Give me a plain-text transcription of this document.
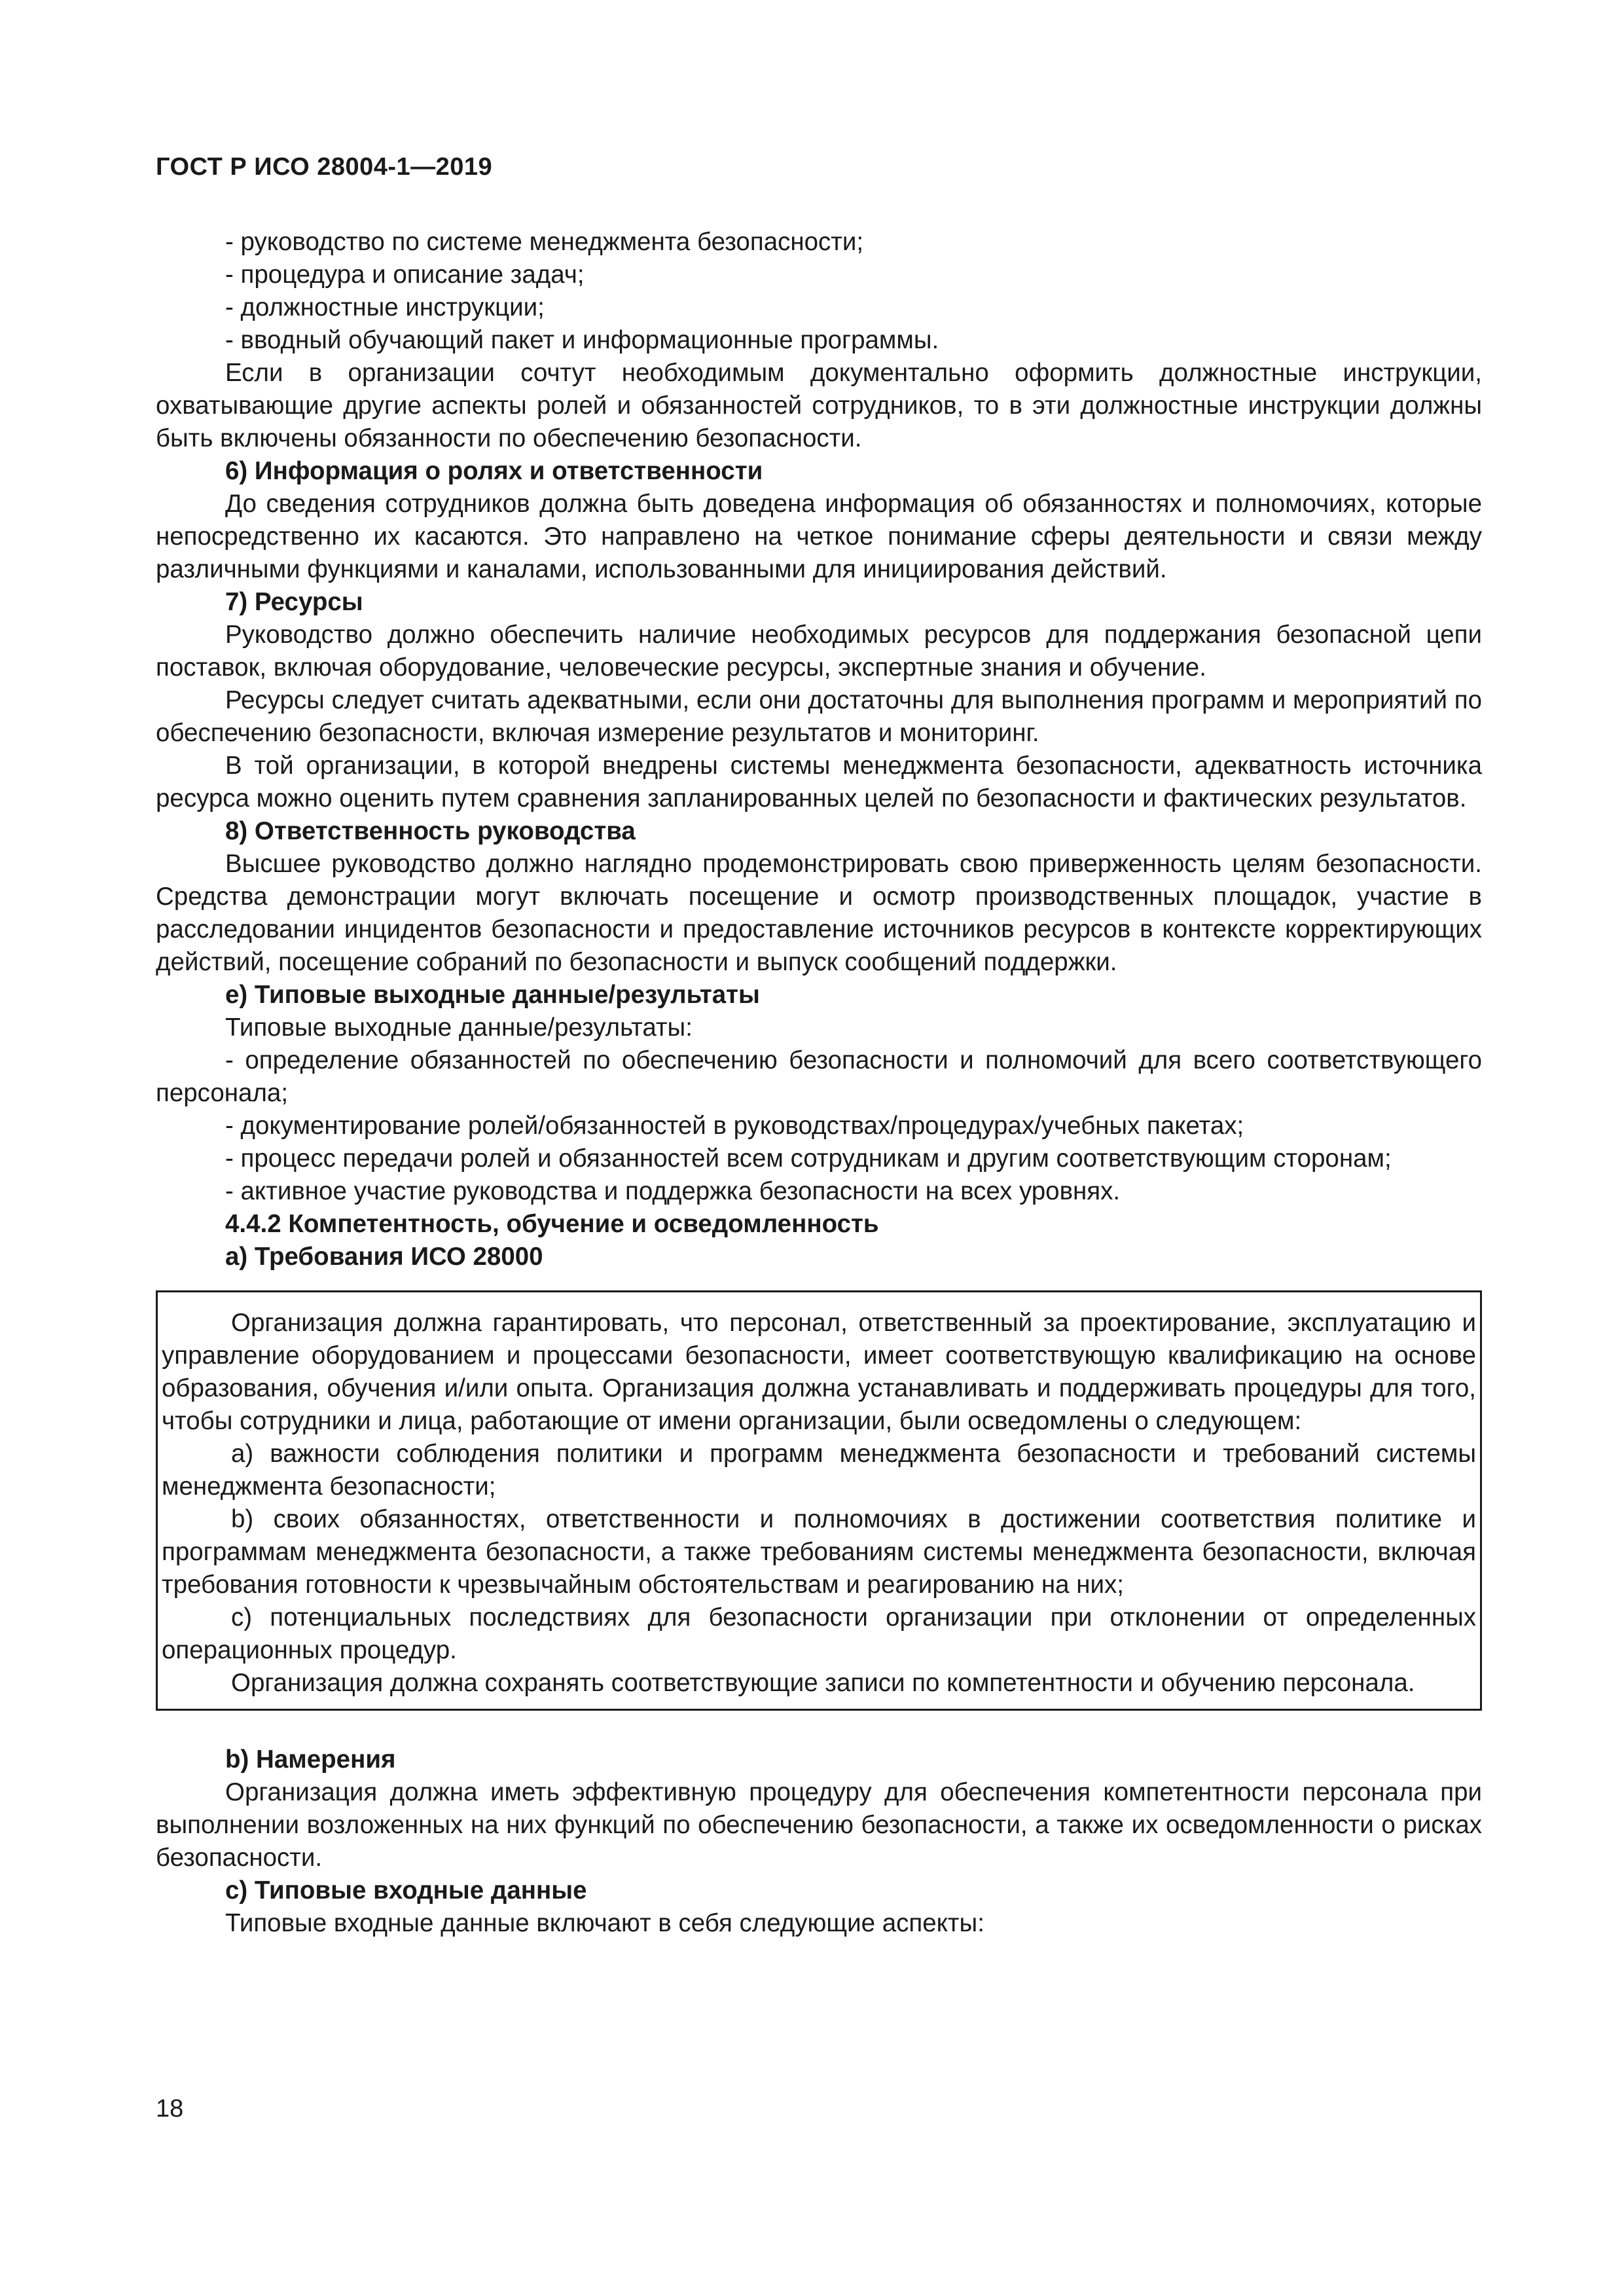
ГОСТ Р ИСО 28004-1—2019

- руководство по системе менеджмента безопасности;

- процедура и описание задач;

- должностные инструкции;

- вводный обучающий пакет и информационные программы.

Если в организации сочтут необходимым документально оформить должностные инструкции, охватывающие другие аспекты ролей и обязанностей сотрудников, то в эти должностные инструкции должны быть включены обязанности по обеспечению безопасности.

6) Информация о ролях и ответственности

До сведения сотрудников должна быть доведена информация об обязанностях и полномочиях, которые непосредственно их касаются. Это направлено на четкое понимание сферы деятельности и связи между различными функциями и каналами, использованными для инициирования действий.

7) Ресурсы

Руководство должно обеспечить наличие необходимых ресурсов для поддержания безопасной цепи поставок, включая оборудование, человеческие ресурсы, экспертные знания и обучение.

Ресурсы следует считать адекватными, если они достаточны для выполнения программ и мероприятий по обеспечению безопасности, включая измерение результатов и мониторинг.

В той организации, в которой внедрены системы менеджмента безопасности, адекватность источника ресурса можно оценить путем сравнения запланированных целей по безопасности и фактических результатов.

8) Ответственность руководства

Высшее руководство должно наглядно продемонстрировать свою приверженность целям безопасности. Средства демонстрации могут включать посещение и осмотр производственных площадок, участие в расследовании инцидентов безопасности и предоставление источников ресурсов в контексте корректирующих действий, посещение собраний по безопасности и выпуск сообщений поддержки.

е) Типовые выходные данные/результаты

Типовые выходные данные/результаты:

- определение обязанностей по обеспечению безопасности и полномочий для всего соответствующего персонала;

- документирование ролей/обязанностей в руководствах/процедурах/учебных пакетах;

- процесс передачи ролей и обязанностей всем сотрудникам и другим соответствующим сторонам;

- активное участие руководства и поддержка безопасности на всех уровнях.

4.4.2 Компетентность, обучение и осведомленность

а) Требования ИСО 28000

Организация должна гарантировать, что персонал, ответственный за проектирование, эксплуатацию и управление оборудованием и процессами безопасности, имеет соответствующую квалификацию на основе образования, обучения и/или опыта. Организация должна устанавливать и поддерживать процедуры для того, чтобы сотрудники и лица, работающие от имени организации, были осведомлены о следующем:

а) важности соблюдения политики и программ менеджмента безопасности и требований системы менеджмента безопасности;

b) своих обязанностях, ответственности и полномочиях в достижении соответствия политике и программам менеджмента безопасности, а также требованиям системы менеджмента безопасности, включая требования готовности к чрезвычайным обстоятельствам и реагированию на них;

с) потенциальных последствиях для безопасности организации при отклонении от определенных операционных процедур.

Организация должна сохранять соответствующие записи по компетентности и обучению персонала.

b) Намерения

Организация должна иметь эффективную процедуру для обеспечения компетентности персонала при выполнении возложенных на них функций по обеспечению безопасности, а также их осведомленности о рисках безопасности.

с) Типовые входные данные

Типовые входные данные включают в себя следующие аспекты:

18
